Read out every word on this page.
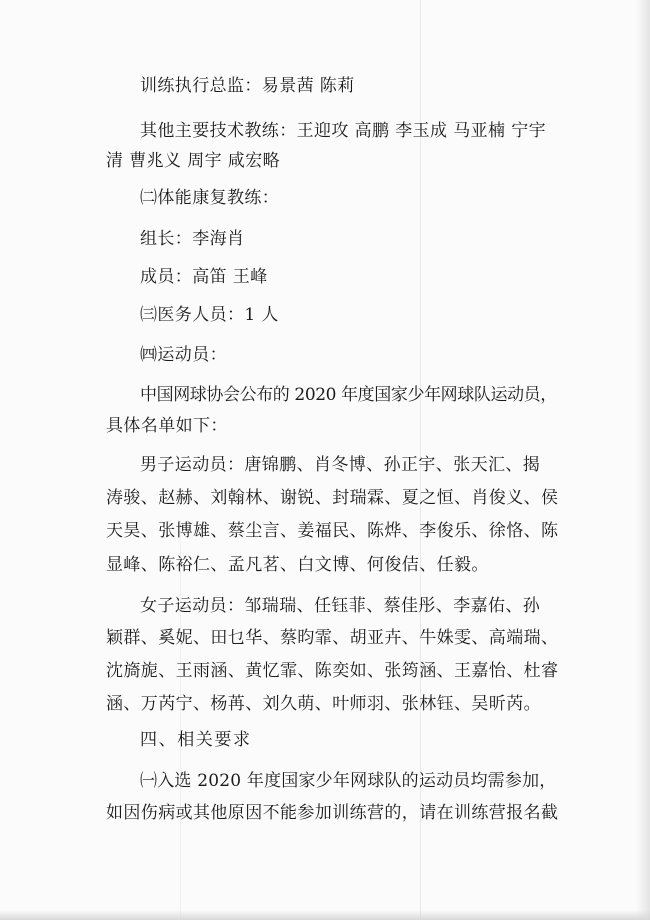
训练执行总监：易景茜 陈莉
其他主要技术教练：王迎攻 高鹏 李玉成 马亚楠 宁宇
清 曹兆义 周宇 咸宏略
㈡体能康复教练：
组长：李海肖
成员：高笛 王峰
㈢医务人员：1 人
㈣运动员：
中国网球协会公布的 2020 年度国家少年网球队运动员，
具体名单如下：
男子运动员：唐锦鹏、肖冬博、孙正宇、张天汇、揭
涛骏、赵赫、刘翰林、谢锐、封瑞霖、夏之恒、肖俊义、侯
天昊、张博雄、蔡尘言、姜福民、陈烨、李俊乐、徐恪、陈
显峰、陈裕仁、孟凡茗、白文博、何俊佶、任毅。
女子运动员：邹瑞瑞、任钰菲、蔡佳彤、李嘉佑、孙
颖群、奚妮、田乜华、蔡昀霏、胡亚卉、牛姝雯、高端瑞、
沈旖旎、王雨涵、黄忆霏、陈奕如、张筠涵、王嘉怡、杜睿
涵、万芮宁、杨苒、刘久萌、叶师羽、张林钰、吴昕芮。
四、相关要求
㈠入选 2020 年度国家少年网球队的运动员均需参加，
如因伤病或其他原因不能参加训练营的，请在训练营报名截
